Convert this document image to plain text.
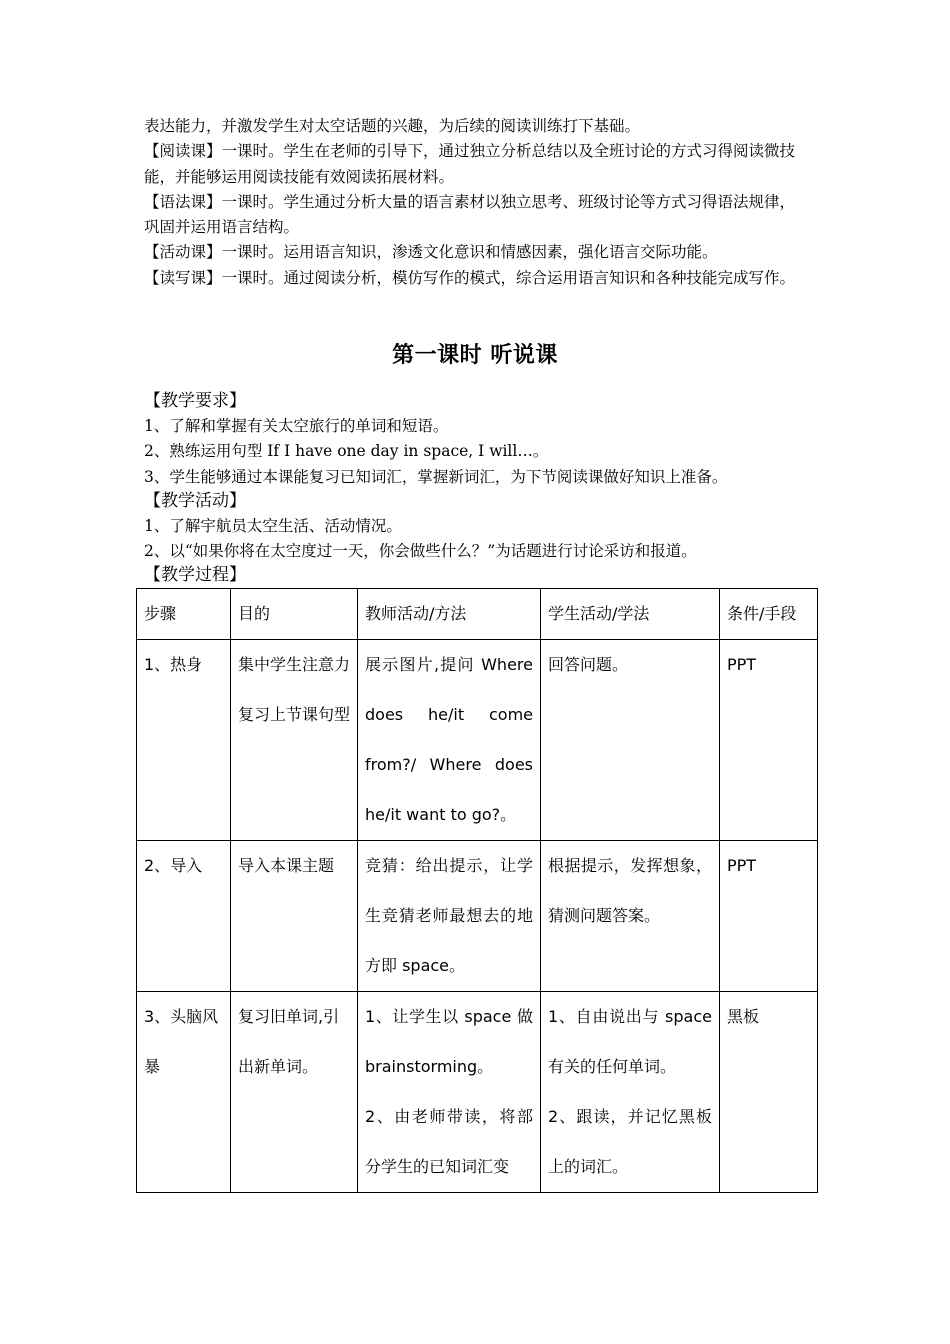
表达能力，并激发学生对太空话题的兴趣，为后续的阅读训练打下基础。

【阅读课】一课时。学生在老师的引导下，通过独立分析总结以及全班讨论的方式习得阅读微技能，并能够运用阅读技能有效阅读拓展材料。

【语法课】一课时。学生通过分析大量的语言素材以独立思考、班级讨论等方式习得语法规律，巩固并运用语言结构。

【活动课】一课时。运用语言知识，渗透文化意识和情感因素，强化语言交际功能。

【读写课】一课时。通过阅读分析，模仿写作的模式，综合运用语言知识和各种技能完成写作。

第一课时 听说课

【教学要求】

1、了解和掌握有关太空旅行的单词和短语。

2、熟练运用句型 If I have one day in space, I will…。

3、学生能够通过本课能复习已知词汇，掌握新词汇，为下节阅读课做好知识上准备。

【教学活动】

1、了解宇航员太空生活、活动情况。

2、以“如果你将在太空度过一天，你会做些什么？”为话题进行讨论采访和报道。

【教学过程】

步骤	目的	教师活动/方法	学生活动/学法	条件/手段
1、热身	集中学生注意力复习上节课句型	展示图片,提问 Where does he/it come from?/ Where does he/it want to go?。	回答问题。	PPT
2、导入	导入本课主题	竞猜：给出提示，让学生竞猜老师最想去的地方即 space。	根据提示，发挥想象，猜测问题答案。	PPT
3、头脑风暴	复习旧单词,引出新单词。	1、让学生以 space 做 brainstorming。
2、由老师带读，将部分学生的已知词汇变	1、自由说出与 space 有关的任何单词。
2、跟读，并记忆黑板上的词汇。	黑板
